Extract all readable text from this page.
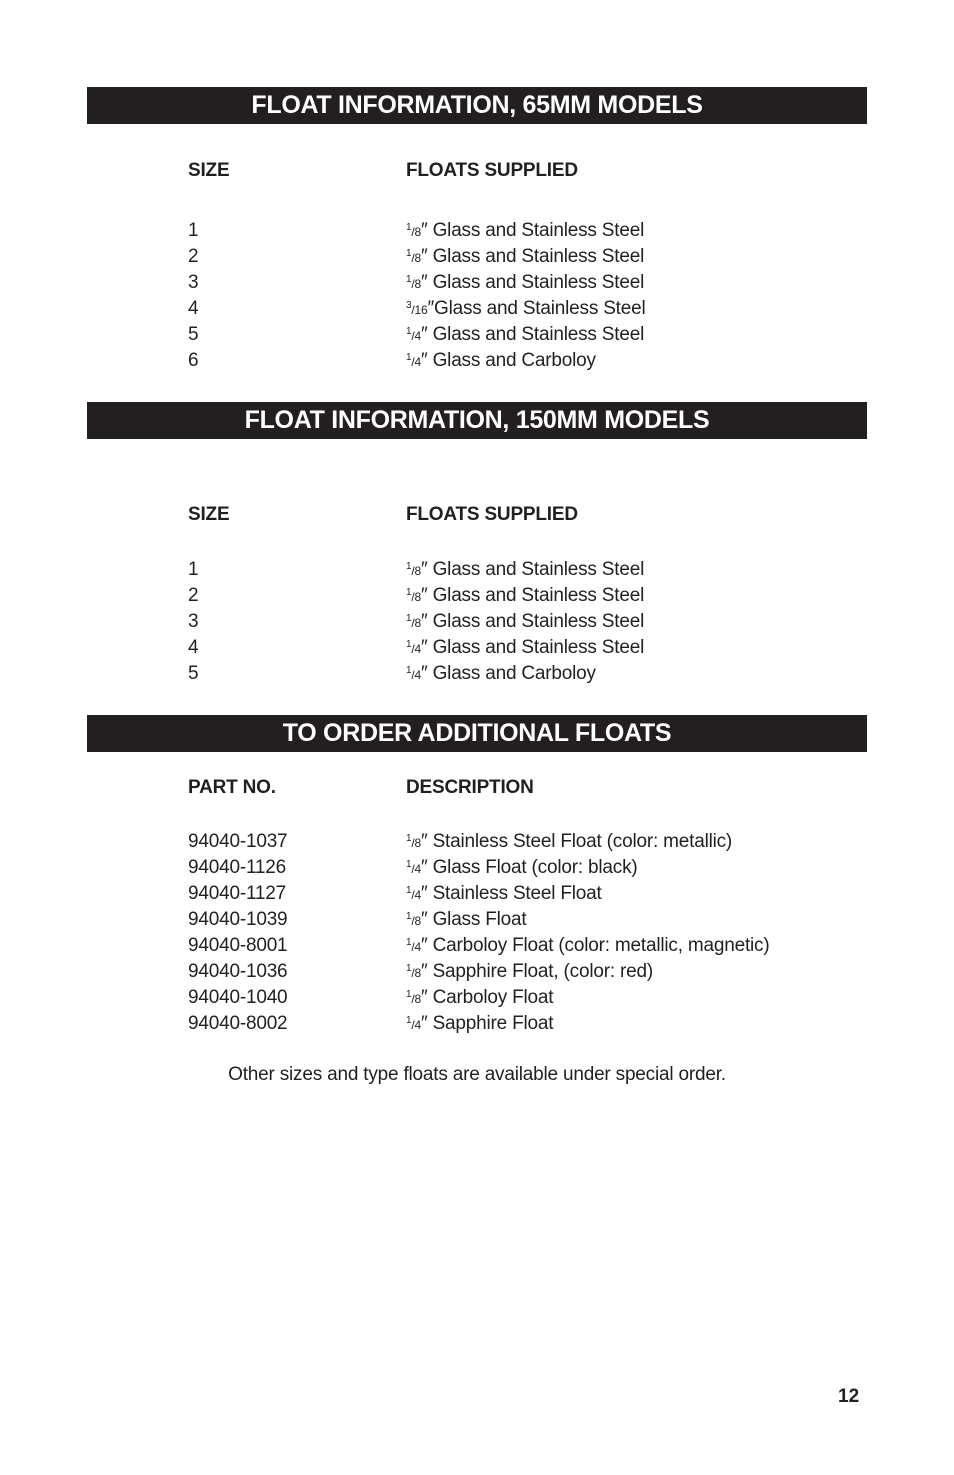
FLOAT INFORMATION, 65MM MODELS
SIZE	FLOATS SUPPLIED
1	$^1$/8″ Glass and Stainless Steel
2	$^1$/8″ Glass and Stainless Steel
3	$^1$/8″ Glass and Stainless Steel
4	$^3$/16″Glass and Stainless Steel
5	$^1$/4″ Glass and Stainless Steel
6	$^1$/4″ Glass and Carboloy
FLOAT INFORMATION, 150MM MODELS
SIZE	FLOATS SUPPLIED
1	$^1$/8″ Glass and Stainless Steel
2	$^1$/8″ Glass and Stainless Steel
3	$^1$/8″ Glass and Stainless Steel
4	$^1$/4″ Glass and Stainless Steel
5	$^1$/4″ Glass and Carboloy
TO ORDER ADDITIONAL FLOATS
PART NO.	DESCRIPTION
94040-1037	$^1$/8″ Stainless Steel Float (color: metallic)
94040-1126	$^1$/4″ Glass Float (color: black)
94040-1127	$^1$/4″ Stainless Steel Float
94040-1039	$^1$/8″ Glass Float
94040-8001	$^1$/4″ Carboloy Float (color: metallic, magnetic)
94040-1036	$^1$/8″ Sapphire Float, (color: red)
94040-1040	$^1$/8″ Carboloy Float
94040-8002	$^1$/4″ Sapphire Float
Other sizes and type floats are available under special order.
12
